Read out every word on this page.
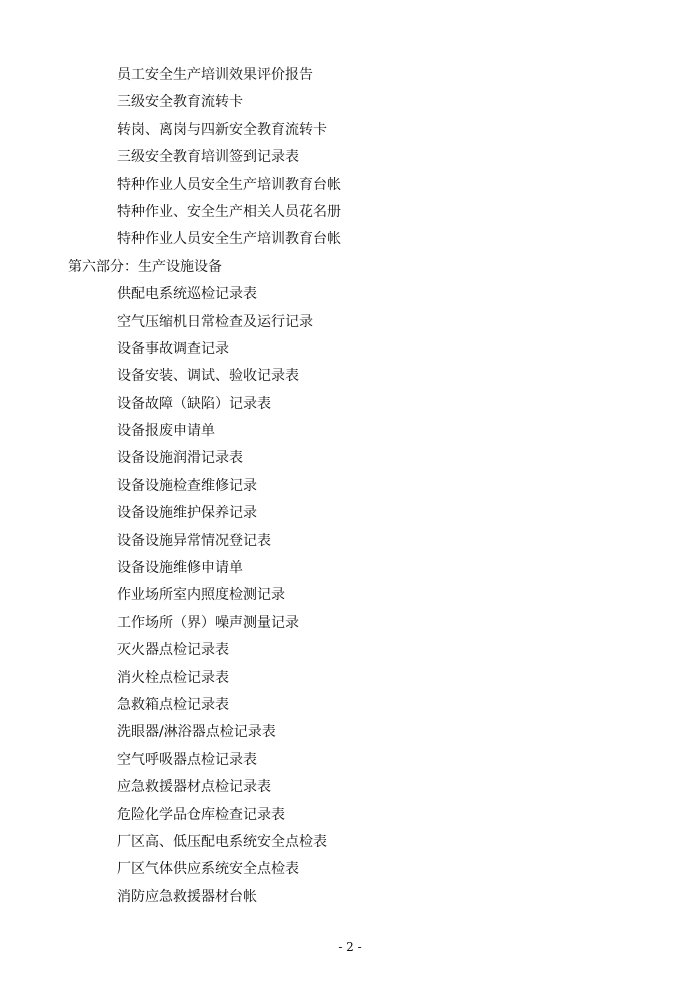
员工安全生产培训效果评价报告
三级安全教育流转卡
转岗、离岗与四新安全教育流转卡
三级安全教育培训签到记录表
特种作业人员安全生产培训教育台帐
特种作业、安全生产相关人员花名册
特种作业人员安全生产培训教育台帐
第六部分：生产设施设备
供配电系统巡检记录表
空气压缩机日常检查及运行记录
设备事故调查记录
设备安装、调试、验收记录表
设备故障（缺陷）记录表
设备报废申请单
设备设施润滑记录表
设备设施检查维修记录
设备设施维护保养记录
设备设施异常情况登记表
设备设施维修申请单
作业场所室内照度检测记录
工作场所（界）噪声测量记录
灭火器点检记录表
消火栓点检记录表
急救箱点检记录表
洗眼器/淋浴器点检记录表
空气呼吸器点检记录表
应急救援器材点检记录表
危险化学品仓库检查记录表
厂区高、低压配电系统安全点检表
厂区气体供应系统安全点检表
消防应急救援器材台帐
- 2 -
